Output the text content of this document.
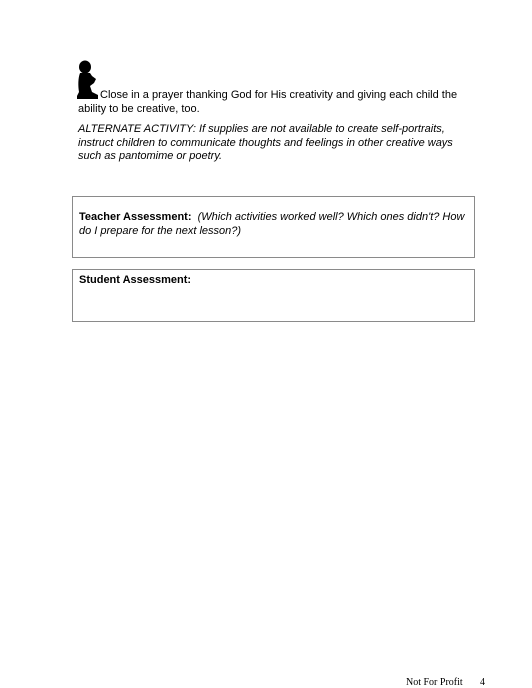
Close in a prayer thanking God for His creativity and giving each child the ability to be creative, too.

ALTERNATE ACTIVITY: If supplies are not available to create self-portraits, instruct children to communicate thoughts and feelings in other creative ways such as pantomime or poetry.

Teacher Assessment: (Which activities worked well? Which ones didn't? How do I prepare for the next lesson?)

Student Assessment:

Not For Profit 4
